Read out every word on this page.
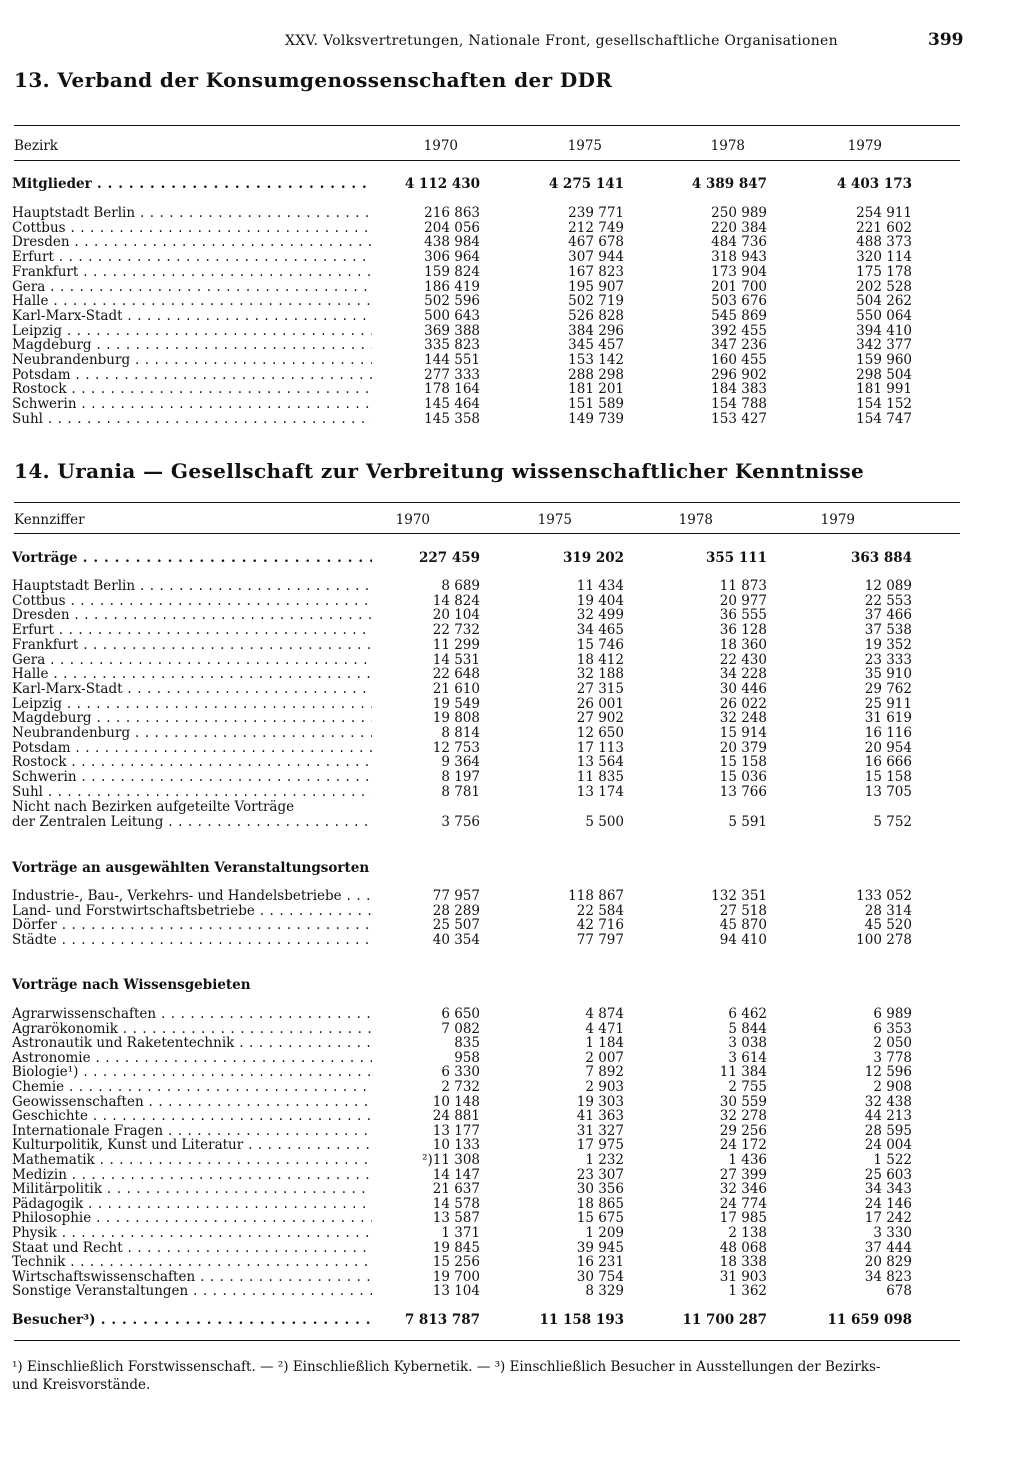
XXV. Volksvertretungen, Nationale Front, gesellschaftliche Organisationen	399
13. Verband der Konsumgenossenschaften der DDR
Bezirk	1970	1975	1978	1979
Mitglieder . . .	4 112 430	4 275 141	4 389 847	4 403 173
Hauptstadt Berlin . . .	216 863	239 771	250 989	254 911
Cottbus . . .	204 056	212 749	220 384	221 602
Dresden . . .	438 984	467 678	484 736	488 373
Erfurt . . .	306 964	307 944	318 943	320 114
Frankfurt . . .	159 824	167 823	173 904	175 178
Gera . . .	186 419	195 907	201 700	202 528
Halle . . .	502 596	502 719	503 676	504 262
Karl-Marx-Stadt . . .	500 643	526 828	545 869	550 064
Leipzig . . .	369 388	384 296	392 455	394 410
Magdeburg . . .	335 823	345 457	347 236	342 377
Neubrandenburg . . .	144 551	153 142	160 455	159 960
Potsdam . . .	277 333	288 298	296 902	298 504
Rostock . . .	178 164	181 201	184 383	181 991
Schwerin . . .	145 464	151 589	154 788	154 152
Suhl . . .	145 358	149 739	153 427	154 747
14. Urania — Gesellschaft zur Verbreitung wissenschaftlicher Kenntnisse
Kennziffer	1970	1975	1978	1979
Vorträge . . .	227 459	319 202	355 111	363 884
Hauptstadt Berlin . . .	8 689	11 434	11 873	12 089
Cottbus . . .	14 824	19 404	20 977	22 553
Dresden . . .	20 104	32 499	36 555	37 466
Erfurt . . .	22 732	34 465	36 128	37 538
Frankfurt . . .	11 299	15 746	18 360	19 352
Gera . . .	14 531	18 412	22 430	23 333
Halle . . .	22 648	32 188	34 228	35 910
Karl-Marx-Stadt . . .	21 610	27 315	30 446	29 762
Leipzig . . .	19 549	26 001	26 022	25 911
Magdeburg . . .	19 808	27 902	32 248	31 619
Neubrandenburg . . .	8 814	12 650	15 914	16 116
Potsdam . . .	12 753	17 113	20 379	20 954
Rostock . . .	9 364	13 564	15 158	16 666
Schwerin . . .	8 197	11 835	15 036	15 158
Suhl . . .	8 781	13 174	13 766	13 705
Nicht nach Bezirken aufgeteilte Vorträge
der Zentralen Leitung . . .	3 756	5 500	5 591	5 752
Vorträge an ausgewählten Veranstaltungsorten
Industrie-, Bau-, Verkehrs- und Handelsbetriebe . . .	77 957	118 867	132 351	133 052
Land- und Forstwirtschaftsbetriebe . . .	28 289	22 584	27 518	28 314
Dörfer . . .	25 507	42 716	45 870	45 520
Städte . . .	40 354	77 797	94 410	100 278
Vorträge nach Wissensgebieten
Agrarwissenschaften . . .	6 650	4 874	6 462	6 989
Agrarökonomik . . .	7 082	4 471	5 844	6 353
Astronautik und Raketentechnik . . .	835	1 184	3 038	2 050
Astronomie . . .	958	2 007	3 614	3 778
Biologie¹) . . .	6 330	7 892	11 384	12 596
Chemie . . .	2 732	2 903	2 755	2 908
Geowissenschaften . . .	10 148	19 303	30 559	32 438
Geschichte . . .	24 881	41 363	32 278	44 213
Internationale Fragen . . .	13 177	31 327	29 256	28 595
Kulturpolitik, Kunst und Literatur . . .	10 133	17 975	24 172	24 004
Mathematik . . .	²)11 308	1 232	1 436	1 522
Medizin . . .	14 147	23 307	27 399	25 603
Militärpolitik . . .	21 637	30 356	32 346	34 343
Pädagogik . . .	14 578	18 865	24 774	24 146
Philosophie . . .	13 587	15 675	17 985	17 242
Physik . . .	1 371	1 209	2 138	3 330
Staat und Recht . . .	19 845	39 945	48 068	37 444
Technik . . .	15 256	16 231	18 338	20 829
Wirtschaftswissenschaften . . .	19 700	30 754	31 903	34 823
Sonstige Veranstaltungen . . .	13 104	8 329	1 362	678
Besucher³) . . .	7 813 787	11 158 193	11 700 287	11 659 098
¹) Einschließlich Forstwissenschaft. — ²) Einschließlich Kybernetik. — ³) Einschließlich Besucher in Ausstellungen der Bezirks-
und Kreisvorstände.
